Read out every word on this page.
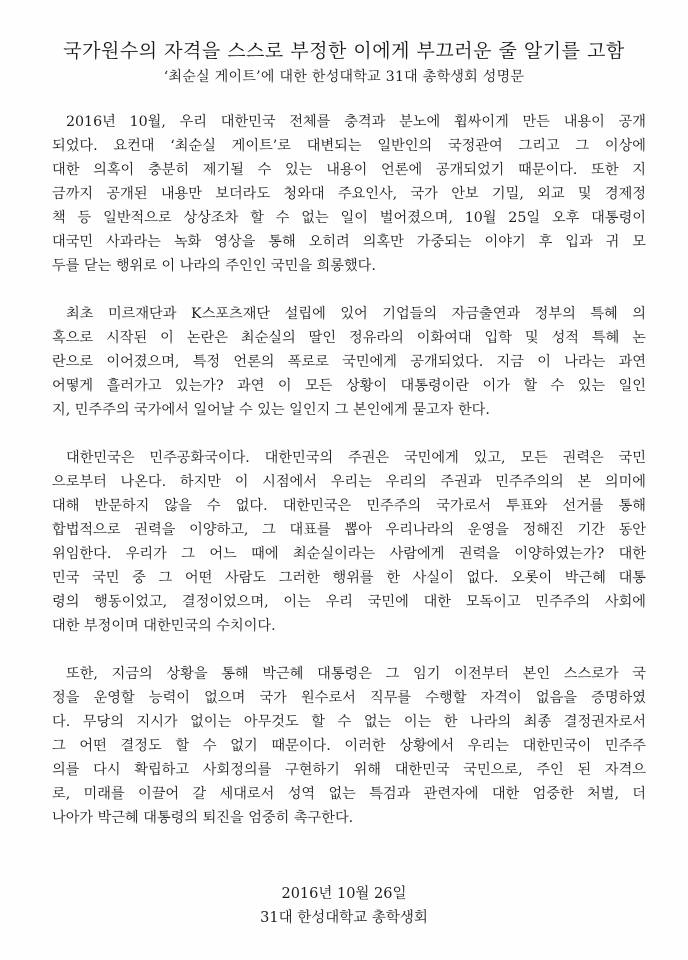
국가원수의 자격을 스스로 부정한 이에게 부끄러운 줄 알기를 고함
‘최순실 게이트’에 대한 한성대학교 31대 총학생회 성명문
2016년 10월, 우리 대한민국 전체를 충격과 분노에 휩싸이게 만든 내용이 공개
되었다. 요컨대 ‘최순실 게이트’로 대변되는 일반인의 국정관여 그리고 그 이상에
대한 의혹이 충분히 제기될 수 있는 내용이 언론에 공개되었기 때문이다. 또한 지
금까지 공개된 내용만 보더라도 청와대 주요인사, 국가 안보 기밀, 외교 및 경제정
책 등 일반적으로 상상조차 할 수 없는 일이 벌어졌으며, 10월 25일 오후 대통령이
대국민 사과라는 녹화 영상을 통해 오히려 의혹만 가중되는 이야기 후 입과 귀 모
두를 닫는 행위로 이 나라의 주인인 국민을 희롱했다.
최초 미르재단과 K스포츠재단 설립에 있어 기업들의 자금출연과 정부의 특혜 의
혹으로 시작된 이 논란은 최순실의 딸인 정유라의 이화여대 입학 및 성적 특혜 논
란으로 이어졌으며, 특정 언론의 폭로로 국민에게 공개되었다. 지금 이 나라는 과연
어떻게 흘러가고 있는가? 과연 이 모든 상황이 대통령이란 이가 할 수 있는 일인
지, 민주주의 국가에서 일어날 수 있는 일인지 그 본인에게 묻고자 한다.
대한민국은 민주공화국이다. 대한민국의 주권은 국민에게 있고, 모든 권력은 국민
으로부터 나온다. 하지만 이 시점에서 우리는 우리의 주권과 민주주의의 본 의미에
대해 반문하지 않을 수 없다. 대한민국은 민주주의 국가로서 투표와 선거를 통해
합법적으로 권력을 이양하고, 그 대표를 뽑아 우리나라의 운영을 정해진 기간 동안
위임한다. 우리가 그 어느 때에 최순실이라는 사람에게 권력을 이양하였는가? 대한
민국 국민 중 그 어떤 사람도 그러한 행위를 한 사실이 없다. 오롯이 박근혜 대통
령의 행동이었고, 결정이었으며, 이는 우리 국민에 대한 모독이고 민주주의 사회에
대한 부정이며 대한민국의 수치이다.
또한, 지금의 상황을 통해 박근혜 대통령은 그 임기 이전부터 본인 스스로가 국
정을 운영할 능력이 없으며 국가 원수로서 직무를 수행할 자격이 없음을 증명하였
다. 무당의 지시가 없이는 아무것도 할 수 없는 이는 한 나라의 최종 결정권자로서
그 어떤 결정도 할 수 없기 때문이다. 이러한 상황에서 우리는 대한민국이 민주주
의를 다시 확립하고 사회정의를 구현하기 위해 대한민국 국민으로, 주인 된 자격으
로, 미래를 이끌어 갈 세대로서 성역 없는 특검과 관련자에 대한 엄중한 처벌, 더
나아가 박근혜 대통령의 퇴진을 엄중히 촉구한다.
2016년 10월 26일
31대 한성대학교 총학생회
